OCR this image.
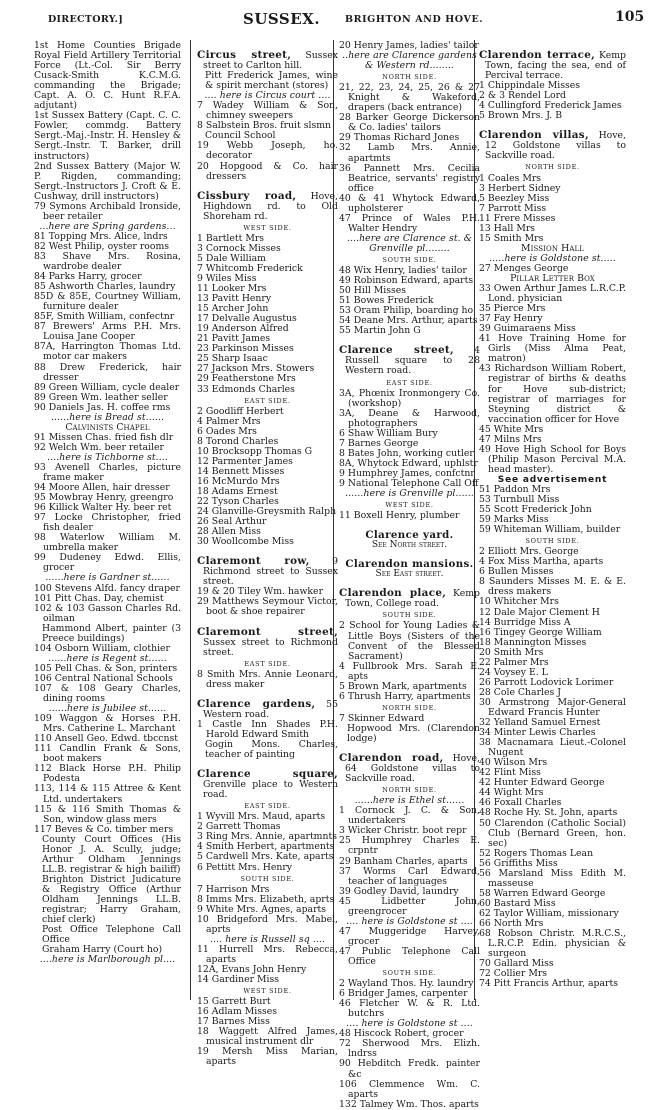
DIRECTORY.]	SUSSEX.	BRIGHTON AND HOVE.	105
1st Home Counties Brigade Royal Field Artillery Territorial Force (Lt.-Col. Sir Berry Cusack-Smith K.C.M.G. commanding the Brigade; Capt. A. O. C. Hunt R.F.A. adjutant)
1st Sussex Battery (Capt. C. C. Fowler, commdg. Battery Sergt.-Maj.-Instr. H. Hensley & Sergt.-Instr. T. Barker, drill instructors)
2nd Sussex Battery (Major W. P. Rigden, commanding; Sergt.-Instructors J. Croft & E. Cushway, drill instructors)
79 Symons Archibald Ironside, beer retailer
...here are Spring gardens...
81 Topping Mrs. Alice, lndrs
82 West Philip, oyster rooms
83 Shave Mrs. Rosina, wardrobe dealer
84 Parks Harry, grocer
85 Ashworth Charles, laundry
85D & 85E, Courtney William, furniture dealer
85F, Smith William, confectnr
87 Brewers' Arms P.H. Mrs. Louisa Jane Cooper
87A, Harrington Thomas Ltd. motor car makers
88 Drew Frederick, hair dresser
89 Green William, cycle dealer
89 Green Wm. leather seller
90 Daniels Jas. H. coffee rms
......here is Bread st......
Calvinists Chapel
91 Missen Chas. fried fish dlr
92 Welch Wm. beer retailer
....here is Tichborne st....
93 Avenell Charles, picture frame maker
94 Moore Allen, hair dresser
95 Mowbray Henry, greengro
96 Killick Walter Hy. beer ret
97 Locke Christopher, fried fish dealer
98 Waterlow William M. umbrella maker
99 Dudeney Edwd. Ellis, grocer
......here is Gardner st......
100 Stevens Alfd. fancy draper
101 Pitt Chas. Day, chemist
102 & 103 Gasson Charles Rd. oilman
Hammond Albert, painter (3 Preece buildings)
104 Osborn William, clothier
......here is Regent st......
105 Pell Chas. & Son, printers
106 Central National Schools
107 & 108 Geary Charles, dining rooms
......here is Jubilee st......
109 Waggon & Horses P.H. Mrs. Catherine L. Marchant
110 Ansell Geo. Edwd. tbccnst
111 Candlin Frank & Sons, boot makers
112 Black Horse P.H. Philip Podesta
113, 114 & 115 Attree & Kent Ltd. undertakers
115 & 116 Smith Thomas & Son, window glass mers
117 Beves & Co. timber mers
County Court Offices (His Honor J. A. Scully, judge; Arthur Oldham Jennings LL.B. registrar & high bailiff)
Brighton District Judicature & Registry Office (Arthur Oldham Jennings LL.B. registrar; Harry Graham, chief clerk)
Post Office Telephone Call Office
Graham Harry (Court ho)
....here is Marlborough pl....
Circus street, Sussex street to Carlton hill.
Pitt Frederick James, wine & spirit merchant (stores)
.... here is Circus court ....
7 Wadey William & Son, chimney sweepers
8 Salbstein Bros. fruit slsmn
Council School
19 Webb Joseph, ho. decorator
20 Hopgood & Co. hair dressers
Cissbury road, Hove, Highdown rd. to Old Shoreham rd.
WEST SIDE.
1 Bartlett Mrs
3 Cornock Misses
5 Dale William
7 Whitcomb Frederick
9 Wiles Miss
11 Looker Mrs
13 Pavitt Henry
15 Archer John
17 Delvalle Augustus
19 Anderson Alfred
21 Pavitt James
23 Parkinson Misses
25 Sharp Isaac
27 Jackson Mrs. Stowers
29 Featherstone Mrs
33 Edmonds Charles
EAST SIDE.
2 Goodliff Herbert
4 Palmer Mrs
6 Oades Mrs
8 Torond Charles
10 Brocksopp Thomas G
12 Parmenter James
14 Bennett Misses
16 McMurdo Mrs
18 Adams Ernest
22 Tyson Charles
24 Glanville-Greysmith Ralph
26 Seal Arthur
28 Allen Miss
30 Woollcombe Miss
Claremont row, 9 Richmond street to Sussex street.
19 & 20 Tiley Wm. hawker
29 Matthews Seymour Victor, boot & shoe repairer
Claremont street, Sussex street to Richmond street.
EAST SIDE.
8 Smith Mrs. Annie Leonard, dress maker
Clarence gardens, 55 Western road.
1 Castle Inn Shades P.H. Harold Edward Smith
Gogin Mons. Charles, teacher of painting
Clarence square, Grenville place to Western road.
EAST SIDE.
1 Wyvill Mrs. Maud, aparts
2 Garrett Thomas
3 Ring Mrs. Annie, apartmnts
4 Smith Herbert, apartments
5 Cardwell Mrs. Kate, aparts
6 Pettitt Mrs. Henry
SOUTH SIDE.
7 Harrison Mrs
8 Imms Mrs. Elizabeth, aprts
9 White Mrs. Agnes, aparts
10 Bridgeford Mrs. Mabel, aprts
.... here is Russell sq ....
11 Hurrell Mrs. Rebecca, aparts
12A, Evans John Henry
14 Gardiner Miss
WEST SIDE.
15 Garrett Burt
16 Adlam Misses
17 Barnes Miss
18 Waggett Alfred James, musical instrument dlr
19 Mersh Miss Marian, aparts
20 Henry James, ladies' tailor
..here are Clarence gardens & Western rd........
NORTH SIDE.
21, 22, 23, 24, 25, 26 & 27 Knight & Wakeford, drapers (back entrance)
28 Barker George Dickerson & Co. ladies' tailors
29 Thomas Richard Jones
32 Lamb Mrs. Annie, apartmts
36 Pannett Mrs. Cecilia Beatrice, servants' registry office
40 & 41 Whytock Edward, upholsterer
47 Prince of Wales P.H. Walter Hendry
....here are Clarence st. & Grenville pl........
SOUTH SIDE.
48 Wix Henry, ladies' tailor
49 Robinson Edward, aparts
50 Hill Misses
51 Bowes Frederick
53 Oram Philip, boarding ho
54 Deane Mrs. Arthur, aparts
55 Martin John G
Clarence street, 4 Russell square to 28 Western road.
EAST SIDE.
3A, Phœnix Ironmongery Co. (workshop)
3A, Deane & Harwood, photographers
6 Shaw William Bury
7 Barnes George
8 Bates John, working cutler
8A, Whytock Edward, uphlstr
9 Humphrey James, confctnr
9 National Telephone Call Off
......here is Grenville pl......
WEST SIDE.
11 Boxell Henry, plumber
Clarence yard.
See North street.
Clarendon mansions.
See East street.
Clarendon place, Kemp Town, College road.
SOUTH SIDE.
2 School for Young Ladies & Little Boys (Sisters of the Convent of the Blessed Sacrament)
4 Fullbrook Mrs. Sarah E. apts
5 Brown Mark, apartments
6 Thrush Harry, apartments
NORTH SIDE.
7 Skinner Edward
Hopwood Mrs. (Clarendon lodge)
Clarendon road, Hove, 64 Goldstone villas to Sackville road.
NORTH SIDE.
......here is Ethel st......
1 Cornock J. C. & Son, undertakers
3 Wicker Christr. boot repr
25 Humphrey Charles E. crpntr
29 Banham Charles, aparts
37 Worms Carl Edward, teacher of languages
39 Godley David, laundry
45 Lidbetter John, greengrocer
.... here is Goldstone st ....
47 Muggeridge Harvey, grocer
47 Public Telephone Call Office
SOUTH SIDE.
2 Wayland Thos. Hy. laundry
6 Bridger James, carpenter
46 Fletcher W. & R. Ltd. butchrs
.... here is Goldstone st ....
48 Hiscock Robert, grocer
72 Sherwood Mrs. Elizh. lndrss
90 Hebditch Fredk. painter &c
106 Clemmence Wm. C. aparts
132 Talmey Wm. Thos. aparts
Clarendon terrace, Kemp Town, facing the sea, end of Percival terrace.
1 Chippindale Misses
2 & 3 Rendel Lord
4 Cullingford Frederick James
5 Brown Mrs. J. B
Clarendon villas, Hove, 12 Goldstone villas to Sackville road.
NORTH SIDE.
1 Coales Mrs
3 Herbert Sidney
5 Beezley Miss
7 Parrott Miss
11 Frere Misses
13 Hall Mrs
15 Smith Mrs
Mission Hall
.....here is Goldstone st.....
27 Menges George
Pillar Letter Box
33 Owen Arthur James L.R.C.P. Lond. physician
35 Pierce Mrs
37 Fay Henry
39 Guimaraens Miss
41 Hove Training Home for Girls (Miss Alma Peat, matron)
43 Richardson William Robert, registrar of births & deaths for Hove sub-district; registrar of marriages for Steyning district & vaccination officer for Hove
45 White Mrs
47 Milns Mrs
49 Hove High School for Boys (Philip Mason Percival M.A. head master).
See advertisement
51 Paddon Mrs
53 Turnbull Miss
55 Scott Frederick John
59 Marks Miss
59 Whiteman William, builder
SOUTH SIDE.
2 Elliott Mrs. George
4 Fox Miss Martha, aparts
6 Bullen Misses
8 Saunders Misses M. E. & E. dress makers
10 Whitcher Mrs
12 Dale Major Clement H
14 Burridge Miss A
16 Tingey George William
18 Mannington Misses
20 Smith Mrs
22 Palmer Mrs
24 Voysey E. L
26 Parrott Lodovick Lorimer
28 Cole Charles J
30 Armstrong Major-General Edward Francis Hunter
32 Yelland Samuel Ernest
34 Minter Lewis Charles
38 Macnamara Lieut.-Colonel Nugent
40 Wilson Mrs
42 Flint Miss
42 Hunter Edward George
44 Wight Mrs
46 Foxall Charles
48 Roche Hy. St. John, aparts
50 Clarendon (Catholic Social) Club (Bernard Green, hon. sec)
52 Rogers Thomas Lean
56 Griffiths Miss
56 Marsland Miss Edith M. masseuse
58 Warren Edward George
60 Bastard Miss
62 Taylor William, missionary
66 North Mrs
68 Robson Christr. M.R.C.S., L.R.C.P. Edin. physician & surgeon
70 Gallard Miss
72 Collier Mrs
74 Pitt Francis Arthur, aparts
